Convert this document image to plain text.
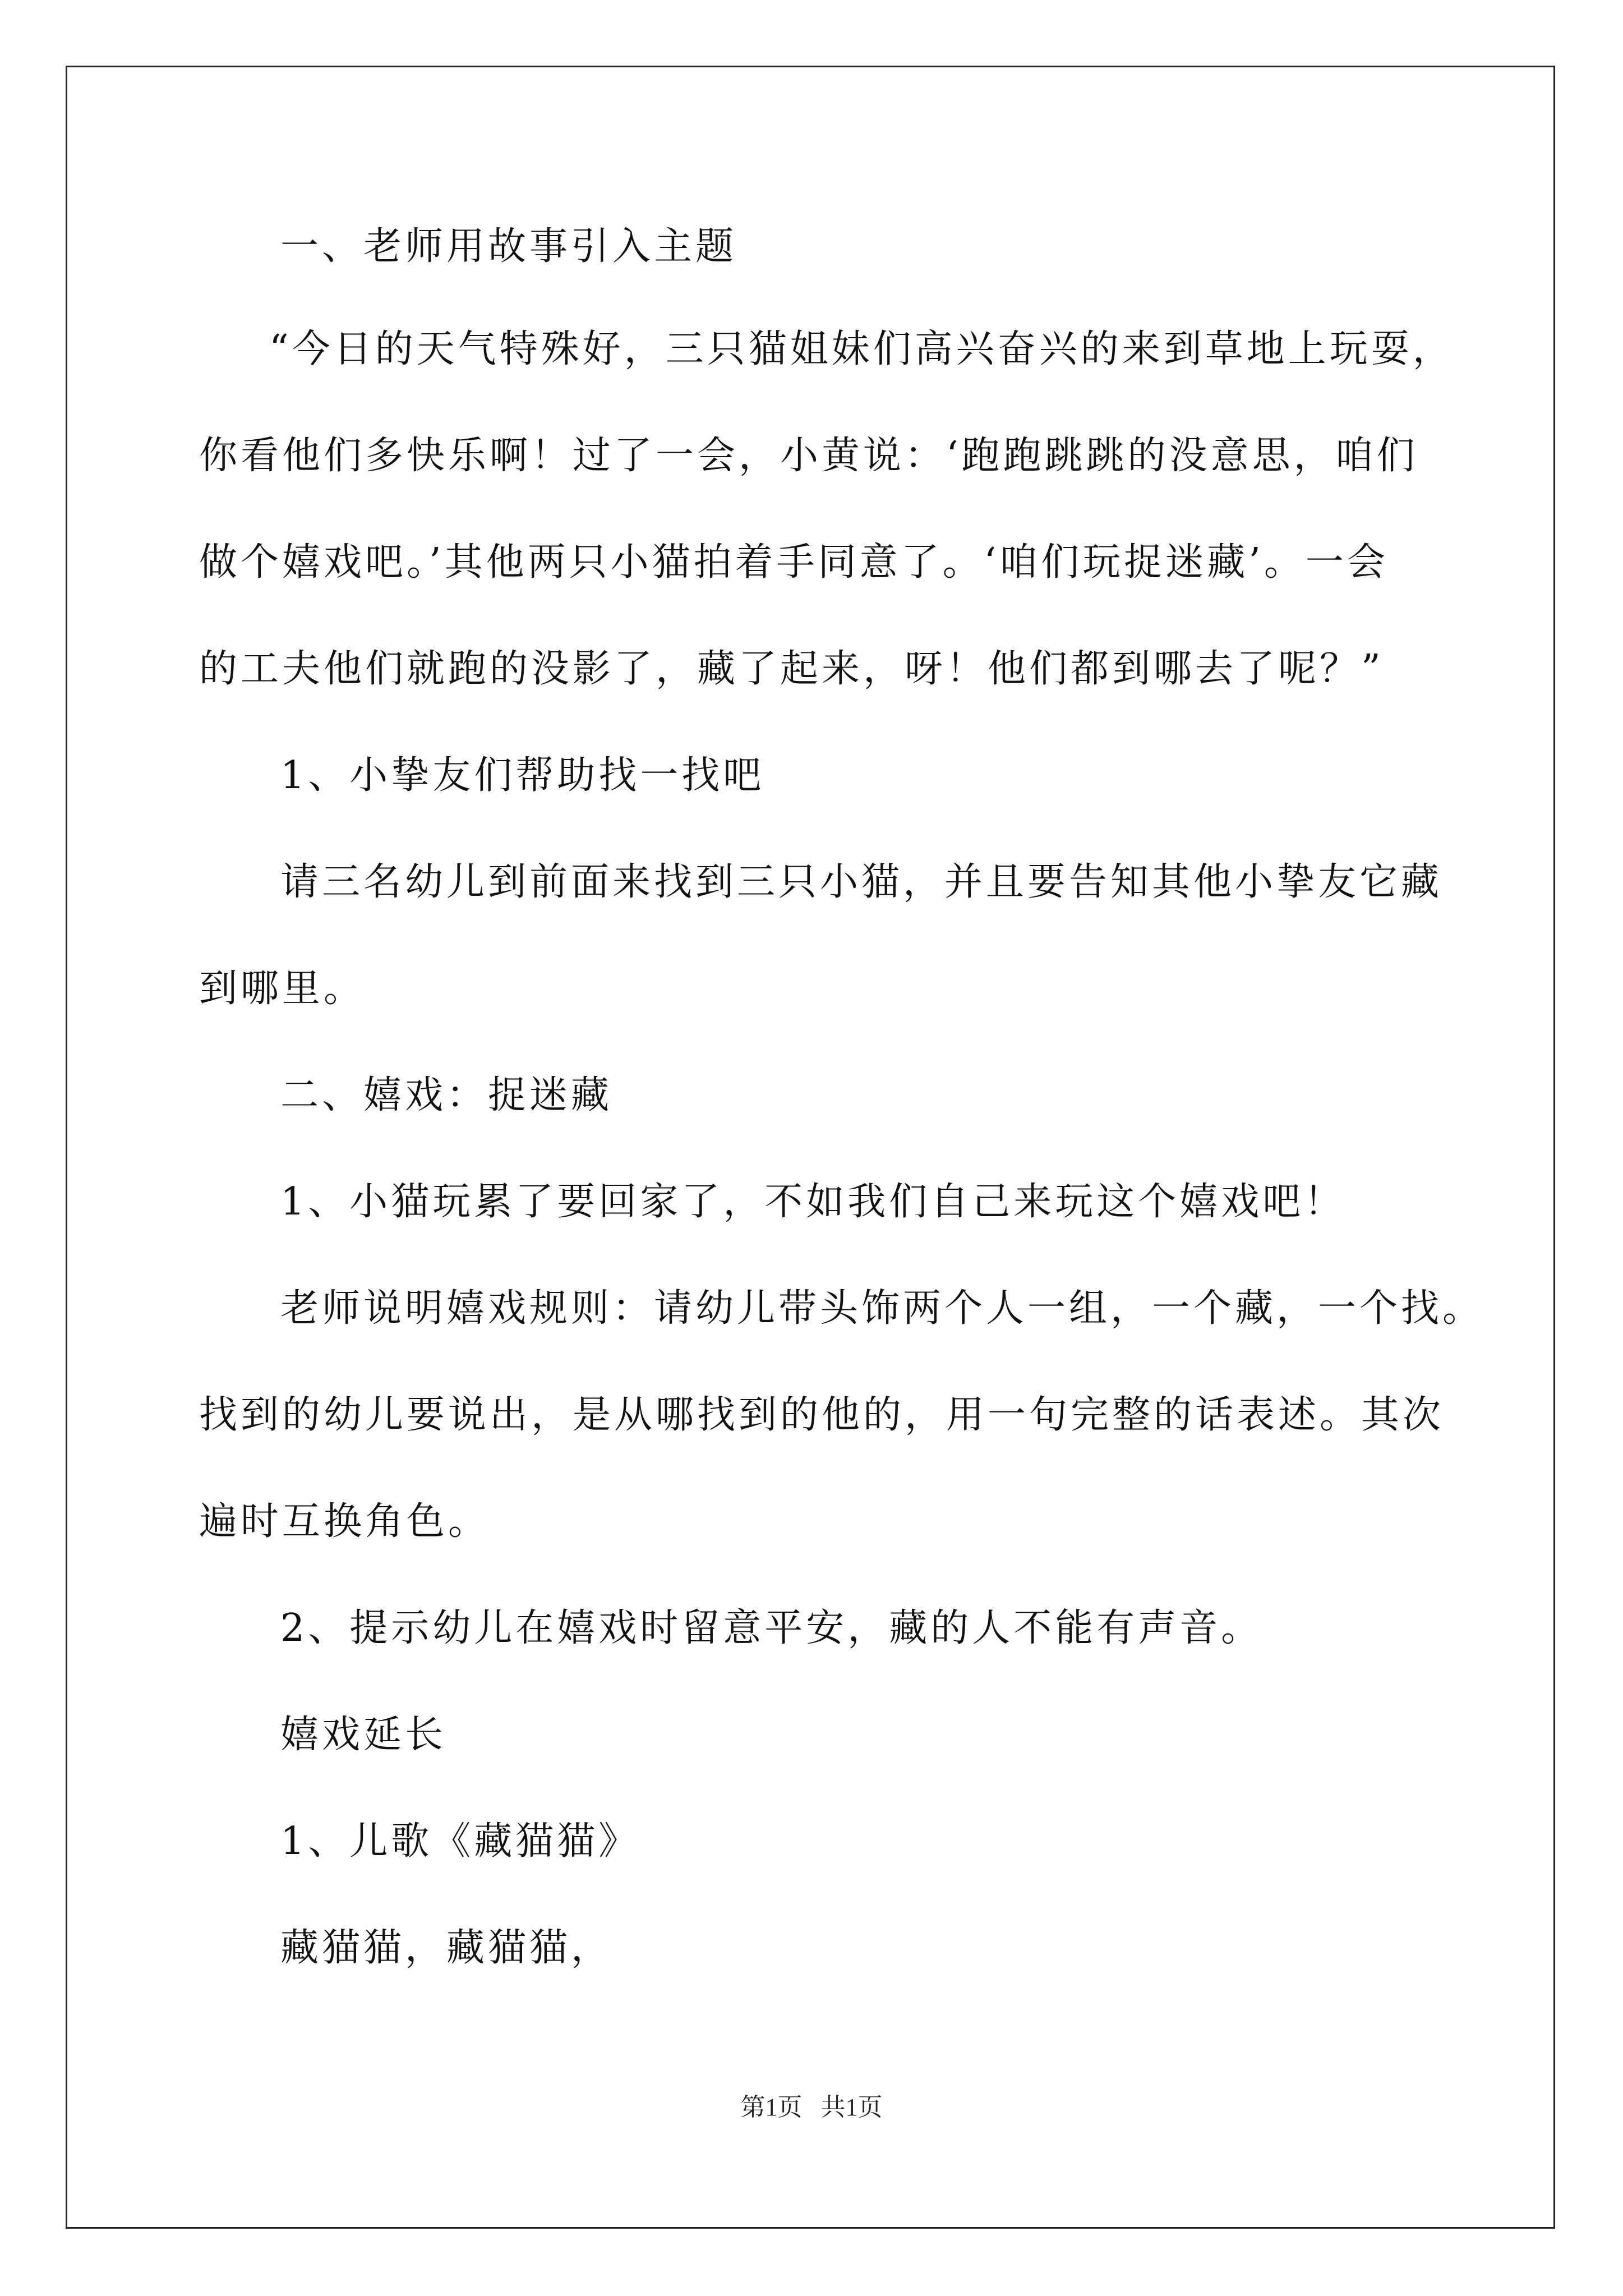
一、老师用故事引入主题
“今日的天气特殊好，三只猫姐妹们高兴奋兴的来到草地上玩耍，
你看他们多快乐啊！过了一会，小黄说：‘跑跑跳跳的没意思，咱们
做个嬉戏吧。’其他两只小猫拍着手同意了。‘咱们玩捉迷藏’。一会
的工夫他们就跑的没影了，藏了起来，呀！他们都到哪去了呢？”
1、小挚友们帮助找一找吧
请三名幼儿到前面来找到三只小猫，并且要告知其他小挚友它藏
到哪里。
二、嬉戏：捉迷藏
1、小猫玩累了要回家了，不如我们自己来玩这个嬉戏吧！
老师说明嬉戏规则：请幼儿带头饰两个人一组，一个藏，一个找。
找到的幼儿要说出，是从哪找到的他的，用一句完整的话表述。其次
遍时互换角色。
2、提示幼儿在嬉戏时留意平安，藏的人不能有声音。
嬉戏延长
1、儿歌《藏猫猫》
藏猫猫，藏猫猫，
第1页   共1页
